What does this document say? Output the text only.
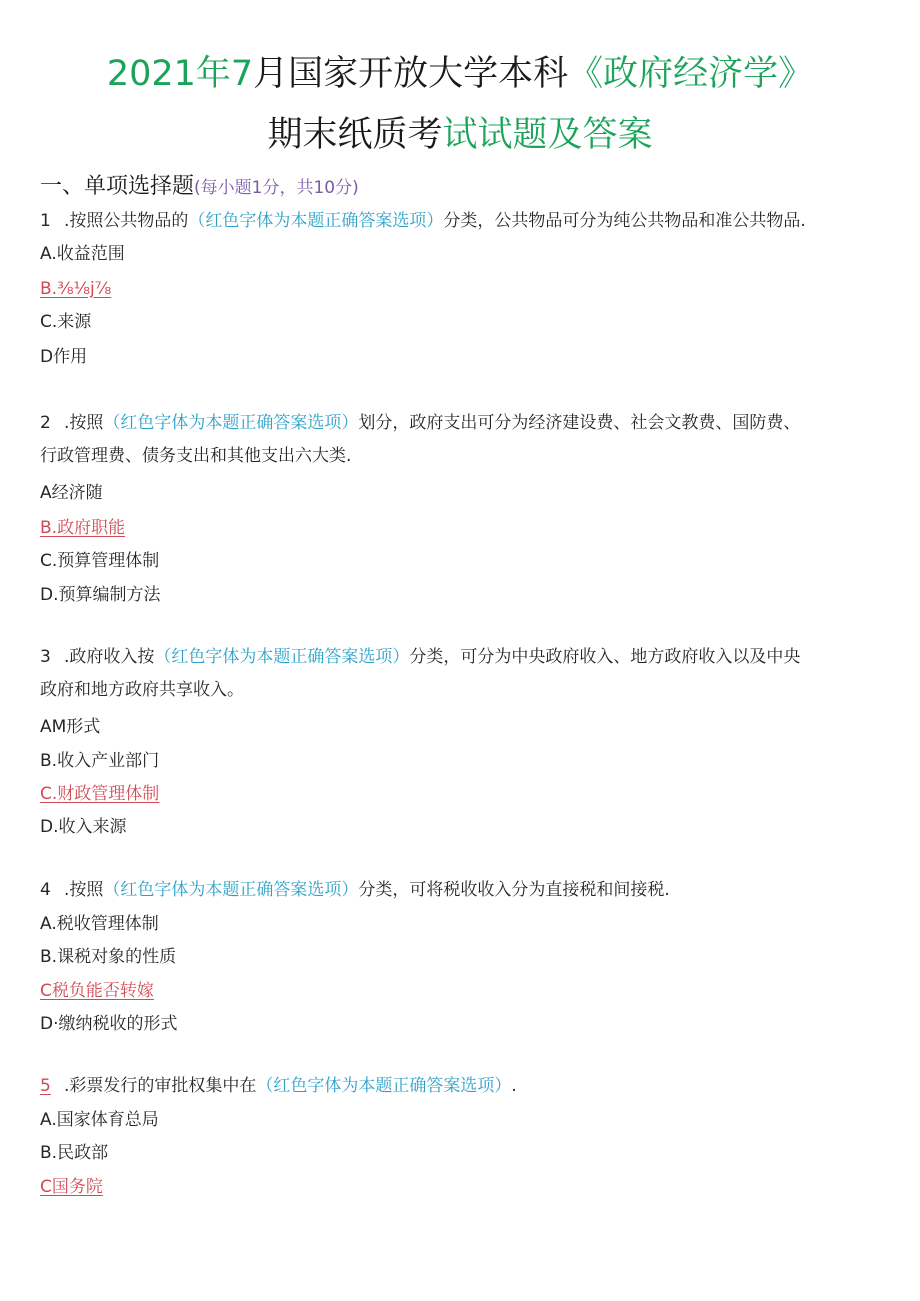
2021年7月国家开放大学本科《政府经济学》
期末纸质考试试题及答案
一、单项选择题(每小题1分，共10分)
1 .按照公共物品的（红色字体为本题正确答案选项）分类，公共物品可分为纯公共物品和准公共物品.
A.收益范围
B.⅜⅛j⅞
C.来源
D作用
2 .按照（红色字体为本题正确答案选项）划分，政府支出可分为经济建设费、社会文教费、国防费、
行政管理费、债务支出和其他支出六大类.
A经济随
B.政府职能
C.预算管理体制
D.预算编制方法
3 .政府收入按（红色字体为本题正确答案选项）分类，可分为中央政府收入、地方政府收入以及中央
政府和地方政府共享收入。
AM形式
B.收入产业部门
C.财政管理体制
D.收入来源
4 .按照（红色字体为本题正确答案选项）分类，可将税收收入分为直接税和间接税.
A.税收管理体制
B.课税对象的性质
C税负能否转嫁
D·缴纳税收的形式
5 .彩票发行的审批权集中在（红色字体为本题正确答案选项）.
A.国家体育总局
B.民政部
C国务院
